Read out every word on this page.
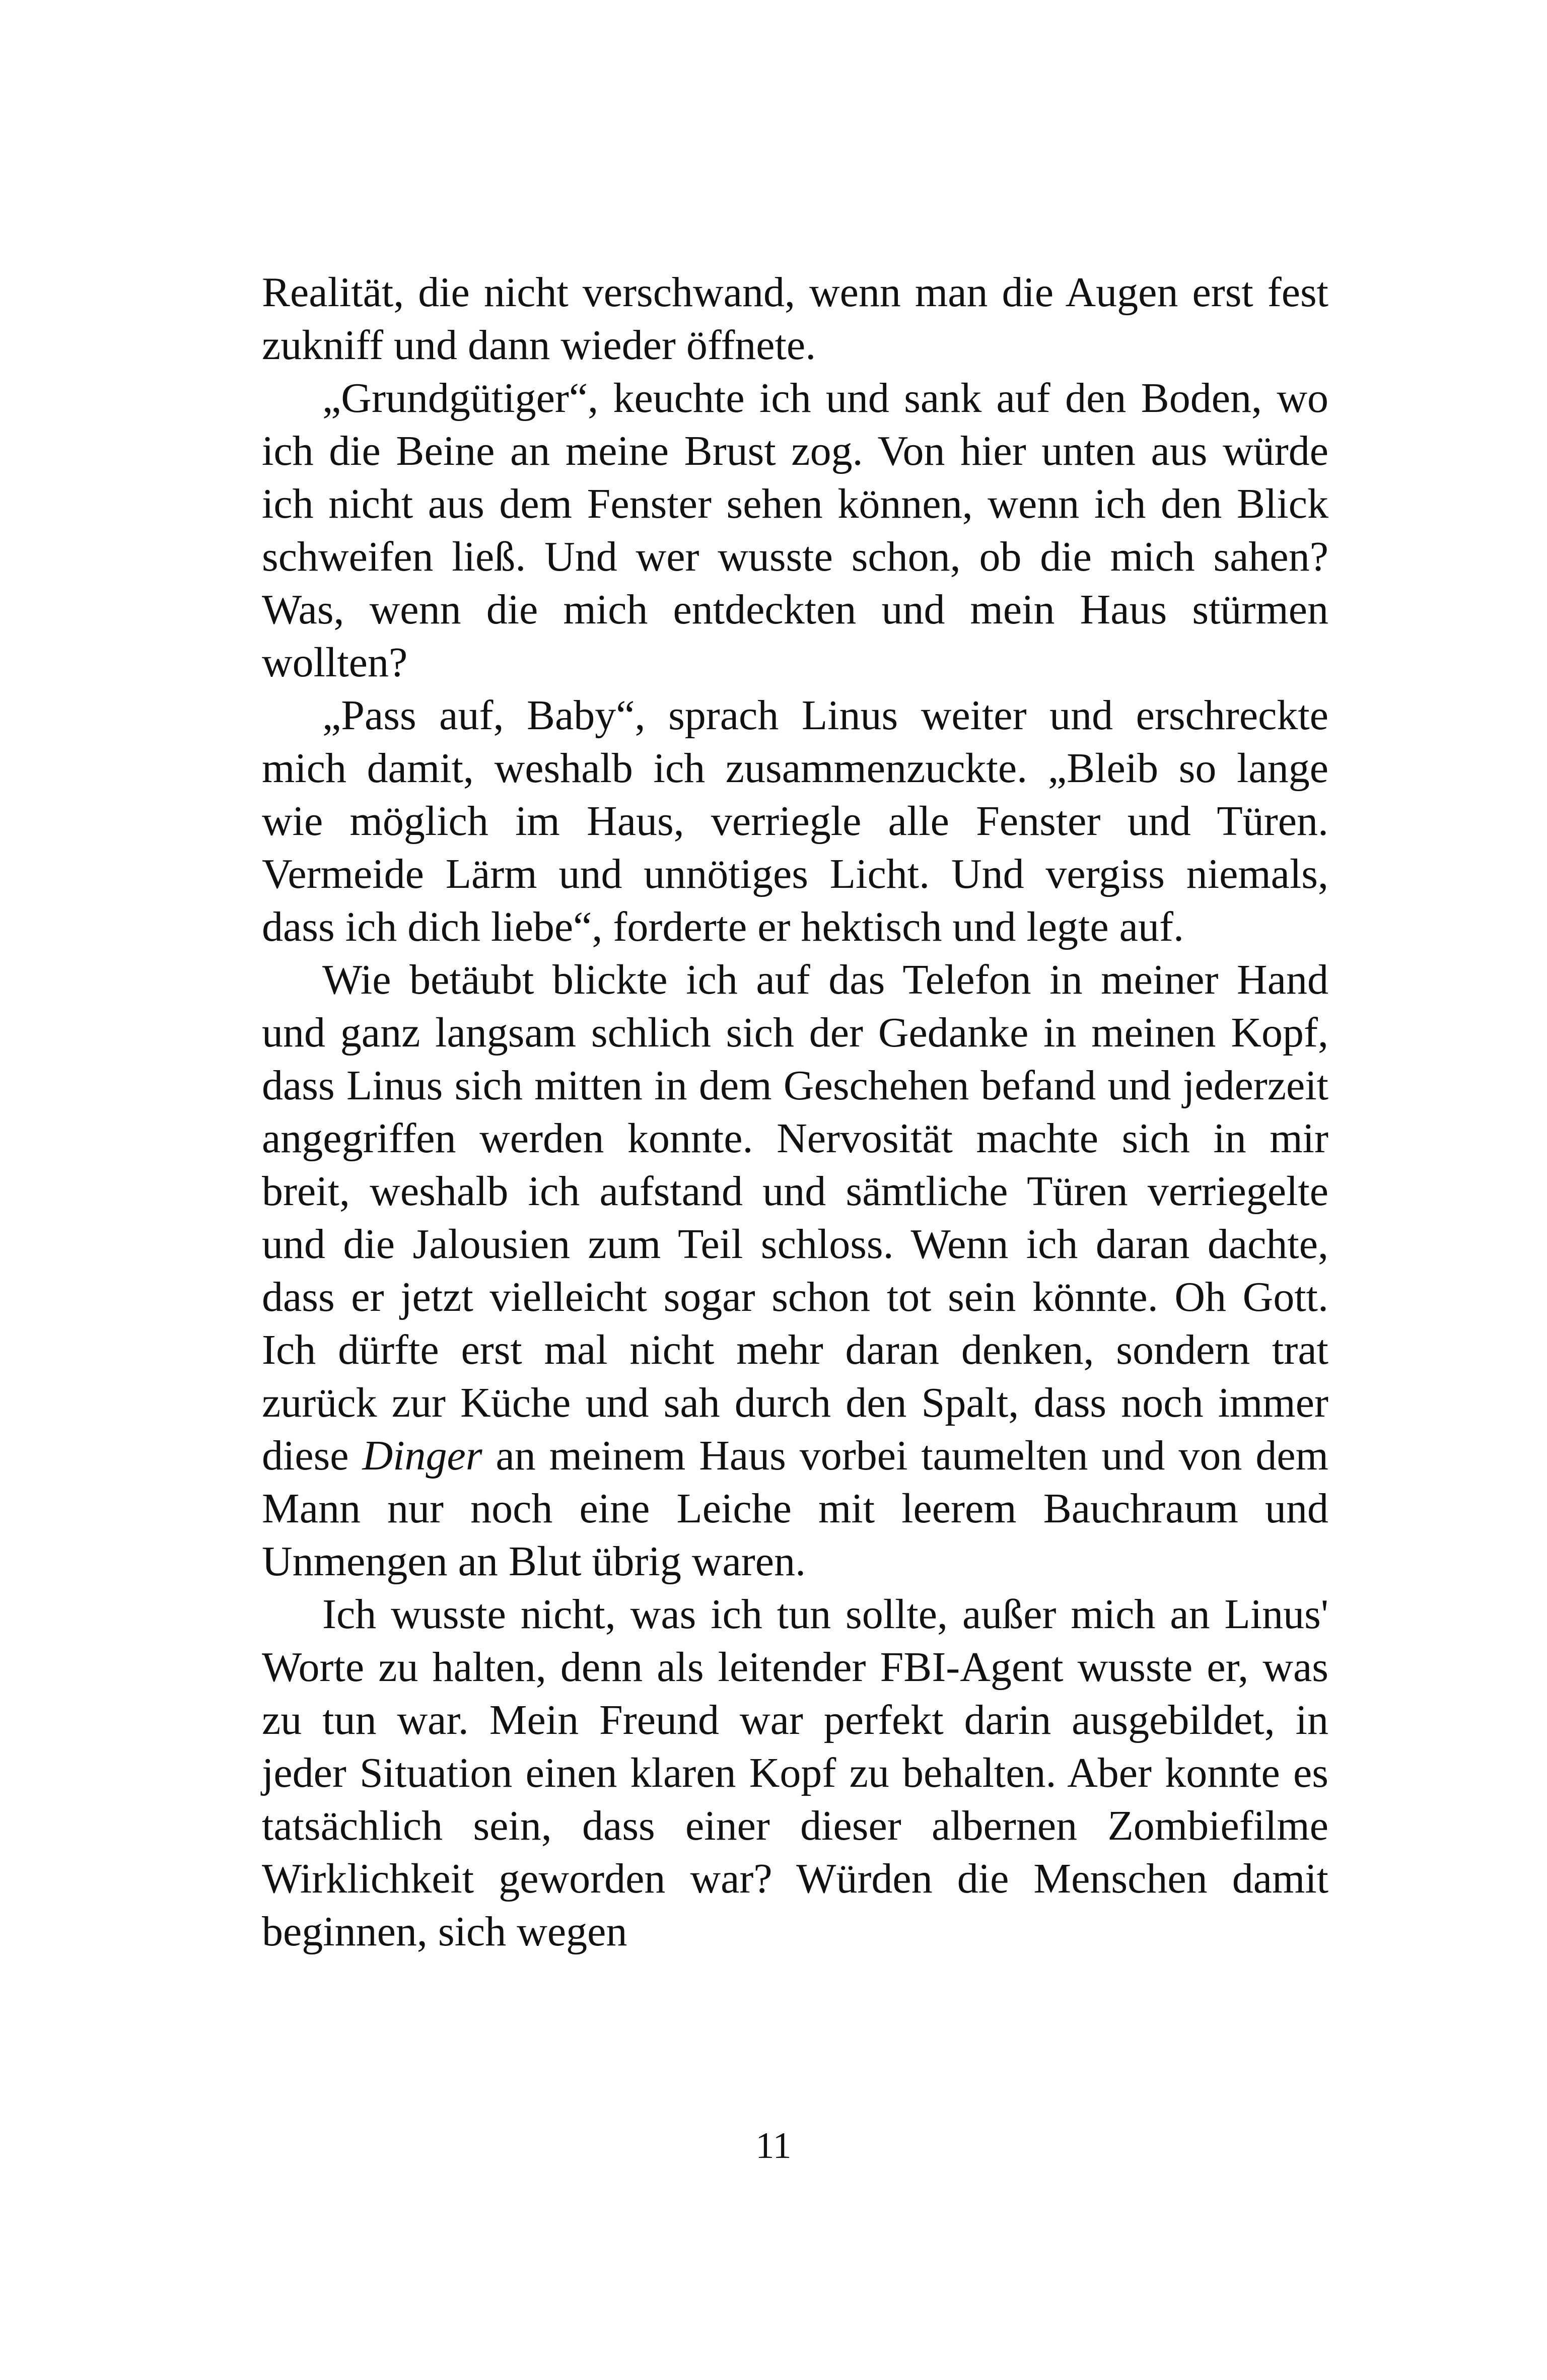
Realität, die nicht verschwand, wenn man die Augen erst fest zukniff und dann wieder öffnete.

„Grundgütiger“, keuchte ich und sank auf den Boden, wo ich die Beine an meine Brust zog. Von hier unten aus würde ich nicht aus dem Fenster sehen können, wenn ich den Blick schweifen ließ. Und wer wusste schon, ob die mich sahen? Was, wenn die mich entdeckten und mein Haus stürmen wollten?

„Pass auf, Baby“, sprach Linus weiter und erschreckte mich damit, weshalb ich zusammenzuckte. „Bleib so lange wie möglich im Haus, verriegle alle Fenster und Türen. Vermeide Lärm und unnötiges Licht. Und vergiss niemals, dass ich dich liebe“, forderte er hektisch und legte auf.

Wie betäubt blickte ich auf das Telefon in meiner Hand und ganz langsam schlich sich der Gedanke in meinen Kopf, dass Linus sich mitten in dem Geschehen befand und jederzeit angegriffen werden konnte. Nervosität machte sich in mir breit, weshalb ich aufstand und sämtliche Türen verriegelte und die Jalousien zum Teil schloss. Wenn ich daran dachte, dass er jetzt vielleicht sogar schon tot sein könnte. Oh Gott. Ich dürfte erst mal nicht mehr daran denken, sondern trat zurück zur Küche und sah durch den Spalt, dass noch immer diese Dinger an meinem Haus vorbei taumelten und von dem Mann nur noch eine Leiche mit leerem Bauchraum und Unmengen an Blut übrig waren.

Ich wusste nicht, was ich tun sollte, außer mich an Linus' Worte zu halten, denn als leitender FBI-Agent wusste er, was zu tun war. Mein Freund war perfekt darin ausgebildet, in jeder Situation einen klaren Kopf zu behalten. Aber konnte es tatsächlich sein, dass einer dieser albernen Zombiefilme Wirklichkeit geworden war? Würden die Menschen damit beginnen, sich wegen

11
